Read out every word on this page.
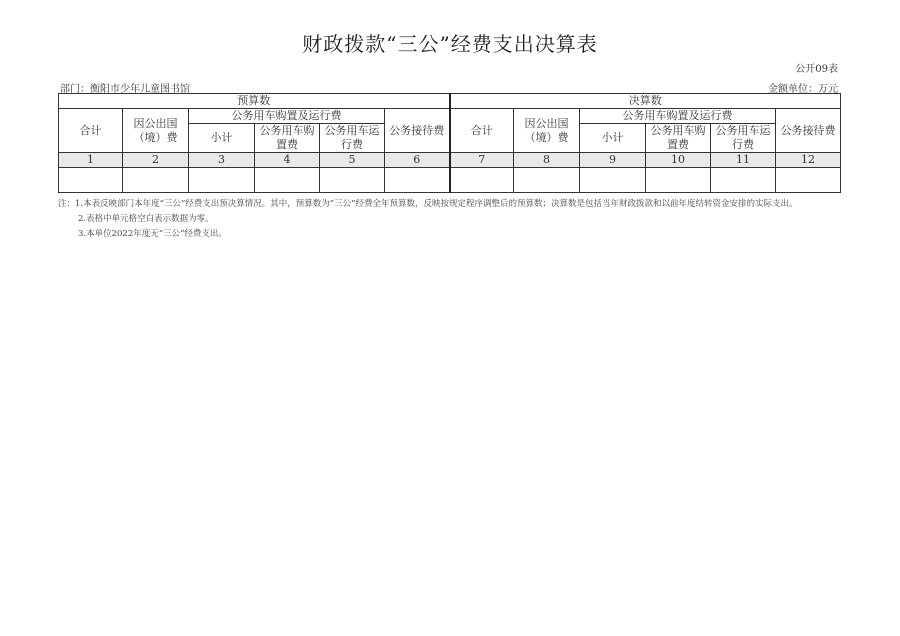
财政拨款“三公”经费支出决算表
公开09表
部门：衡阳市少年儿童图书馆	金额单位：万元
预算数						决算数					
合计	因公出国（境）费	公务用车购置及运行费			公务接待费	合计	因公出国（境）费	公务用车购置及运行费			公务接待费
		小计	公务用车购置费	公务用车运行费				小计	公务用车购置费	公务用车运行费	
1	2	3	4	5	6	7	8	9	10	11	12

注：1.本表反映部门本年度“三公”经费支出预决算情况。其中，预算数为“三公”经费全年预算数，反映按规定程序调整后的预算数；决算数是包括当年财政拨款和以前年度结转资金安排的实际支出。

2.表格中单元格空白表示数据为零。

3.本单位2022年度无“三公”经费支出。
